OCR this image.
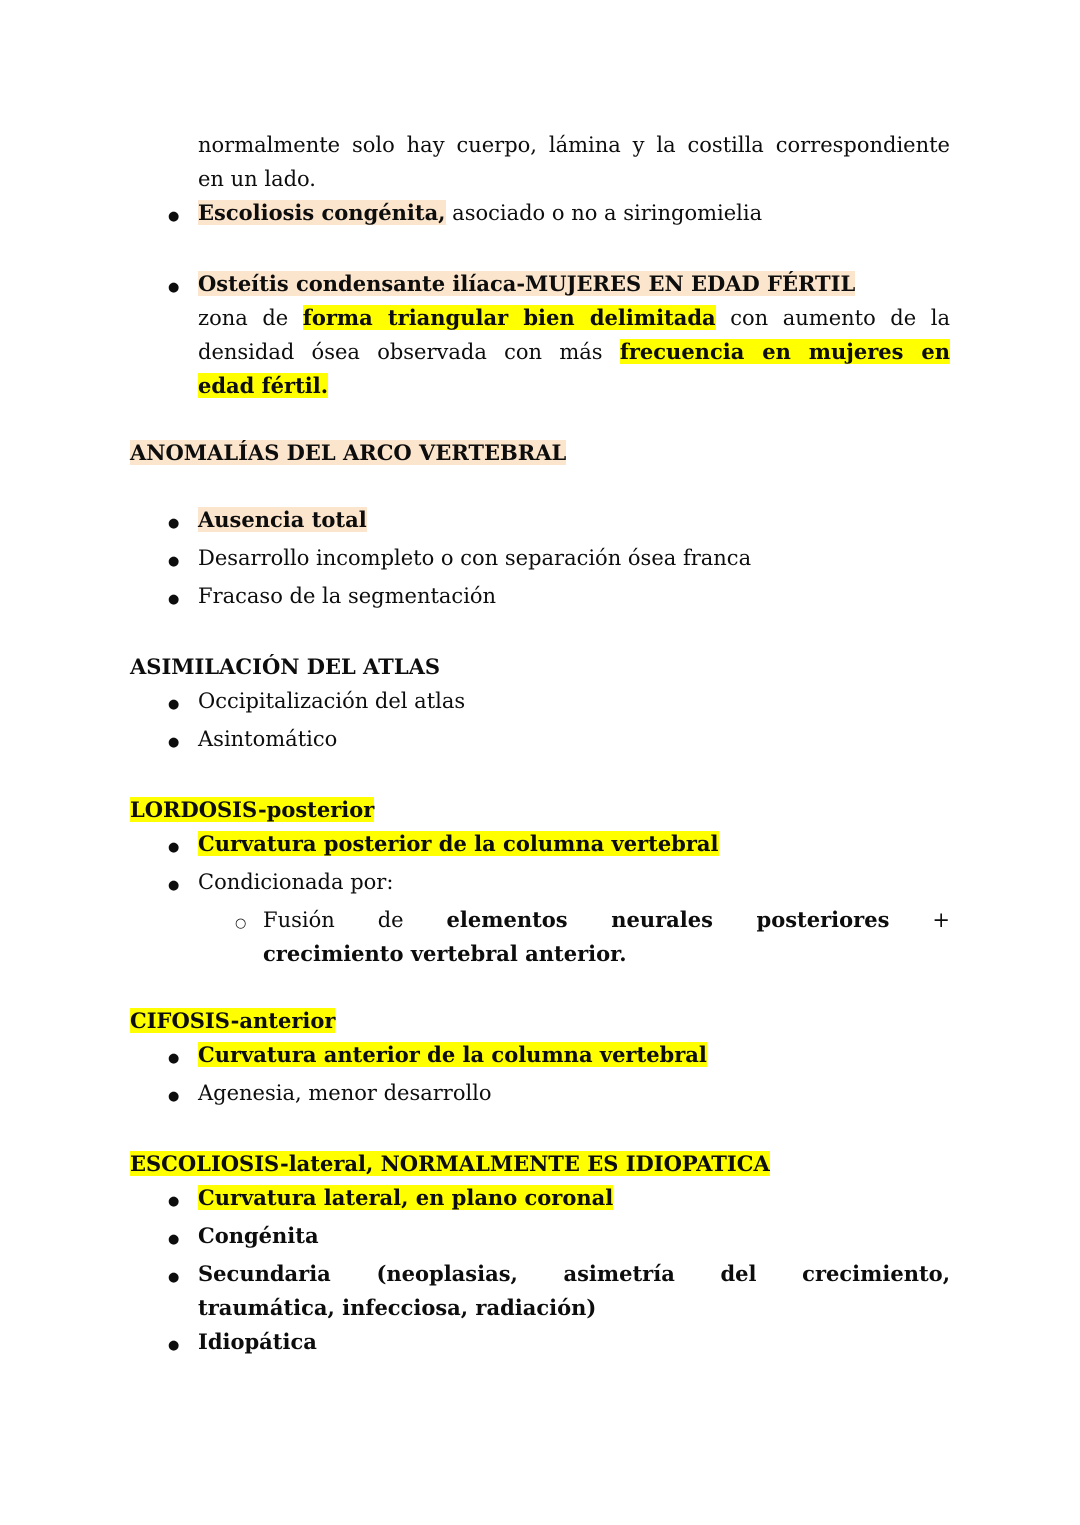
normalmente solo hay cuerpo, lámina y la costilla correspondiente
en un lado.
● Escoliosis congénita, asociado o no a siringomielia
● Osteítis condensante ilíaca-MUJERES EN EDAD FÉRTIL
zona de forma triangular bien delimitada con aumento de la
densidad ósea observada con más frecuencia en mujeres en
edad fértil.
ANOMALÍAS DEL ARCO VERTEBRAL
● Ausencia total
● Desarrollo incompleto o con separación ósea franca
● Fracaso de la segmentación
ASIMILACIÓN DEL ATLAS
● Occipitalización del atlas
● Asintomático
LORDOSIS-posterior
● Curvatura posterior de la columna vertebral
● Condicionada por:
○ Fusión de elementos neurales posteriores +
crecimiento vertebral anterior.
CIFOSIS-anterior
● Curvatura anterior de la columna vertebral
● Agenesia, menor desarrollo
ESCOLIOSIS-lateral, NORMALMENTE ES IDIOPATICA
● Curvatura lateral, en plano coronal
● Congénita
● Secundaria (neoplasias, asimetría del crecimiento,
traumática, infecciosa, radiación)
● Idiopática
